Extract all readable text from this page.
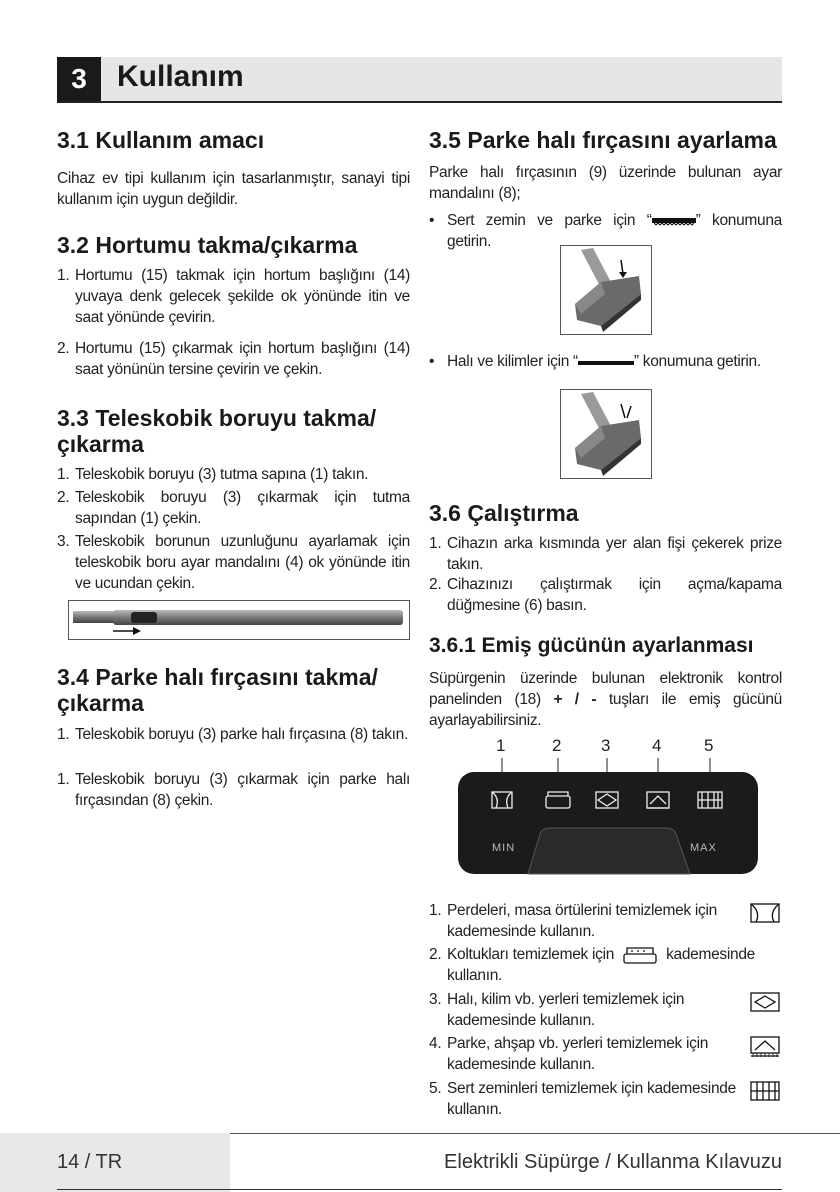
3	Kullanım
3.1 Kullanım amacı
Cihaz ev tipi kullanım için tasarlanmıştır, sanayi tipi kullanım için uygun değildir.
3.2 Hortumu takma/çıkarma
1. Hortumu (15) takmak için hortum başlığını (14) yuvaya denk gelecek şekilde ok yönünde itin ve saat yönünde çevirin.
2. Hortumu (15) çıkarmak için hortum başlığını (14) saat yönünün tersine çevirin ve çekin.
3.3 Teleskobik boruyu takma/
çıkarma
1. Teleskobik boruyu (3) tutma sapına (1) takın.
2. Teleskobik boruyu (3) çıkarmak için tutma sapından (1) çekin.
3. Teleskobik borunun uzunluğunu ayarlamak için teleskobik boru ayar mandalını (4) ok yönünde itin ve ucundan çekin.
3.4 Parke halı fırçasını takma/
çıkarma
1. Teleskobik boruyu (3) parke halı fırçasına (8) takın.
1. Teleskobik boruyu (3) çıkarmak için parke halı fırçasından (8) çekin.
3.5 Parke halı fırçasını ayarlama
Parke halı fırçasının (9) üzerinde bulunan ayar mandalını (8);
• Sert zemin ve parke için “	” konumuna getirin.
• Halı ve kilimler için “	” konumuna getirin.
3.6 Çalıştırma
1. Cihazın arka kısmında yer alan fişi çekerek prize takın.
2. Cihazınızı çalıştırmak için açma/kapama düğmesine (6) basın.
3.6.1 Emiş gücünün ayarlanması
Süpürgenin üzerinde bulunan elektronik kontrol panelinden (18) + / - tuşları ile emiş gücünü ayarlayabilirsiniz.
1	2 3 4	5
MIN	MAX
1. Perdeleri, masa örtülerini temizlemek için kademesinde kullanın.
2. Koltukları temizlemek için	kademesinde
kullanın.
3. Halı, kilim vb. yerleri temizlemek için kademesinde kullanın.
4. Parke, ahşap vb. yerleri temizlemek için kademesinde kullanın.
5. Sert zeminleri temizlemek için kademesinde kullanın.
14 / TR	Elektrikli Süpürge / Kullanma Kılavuzu
